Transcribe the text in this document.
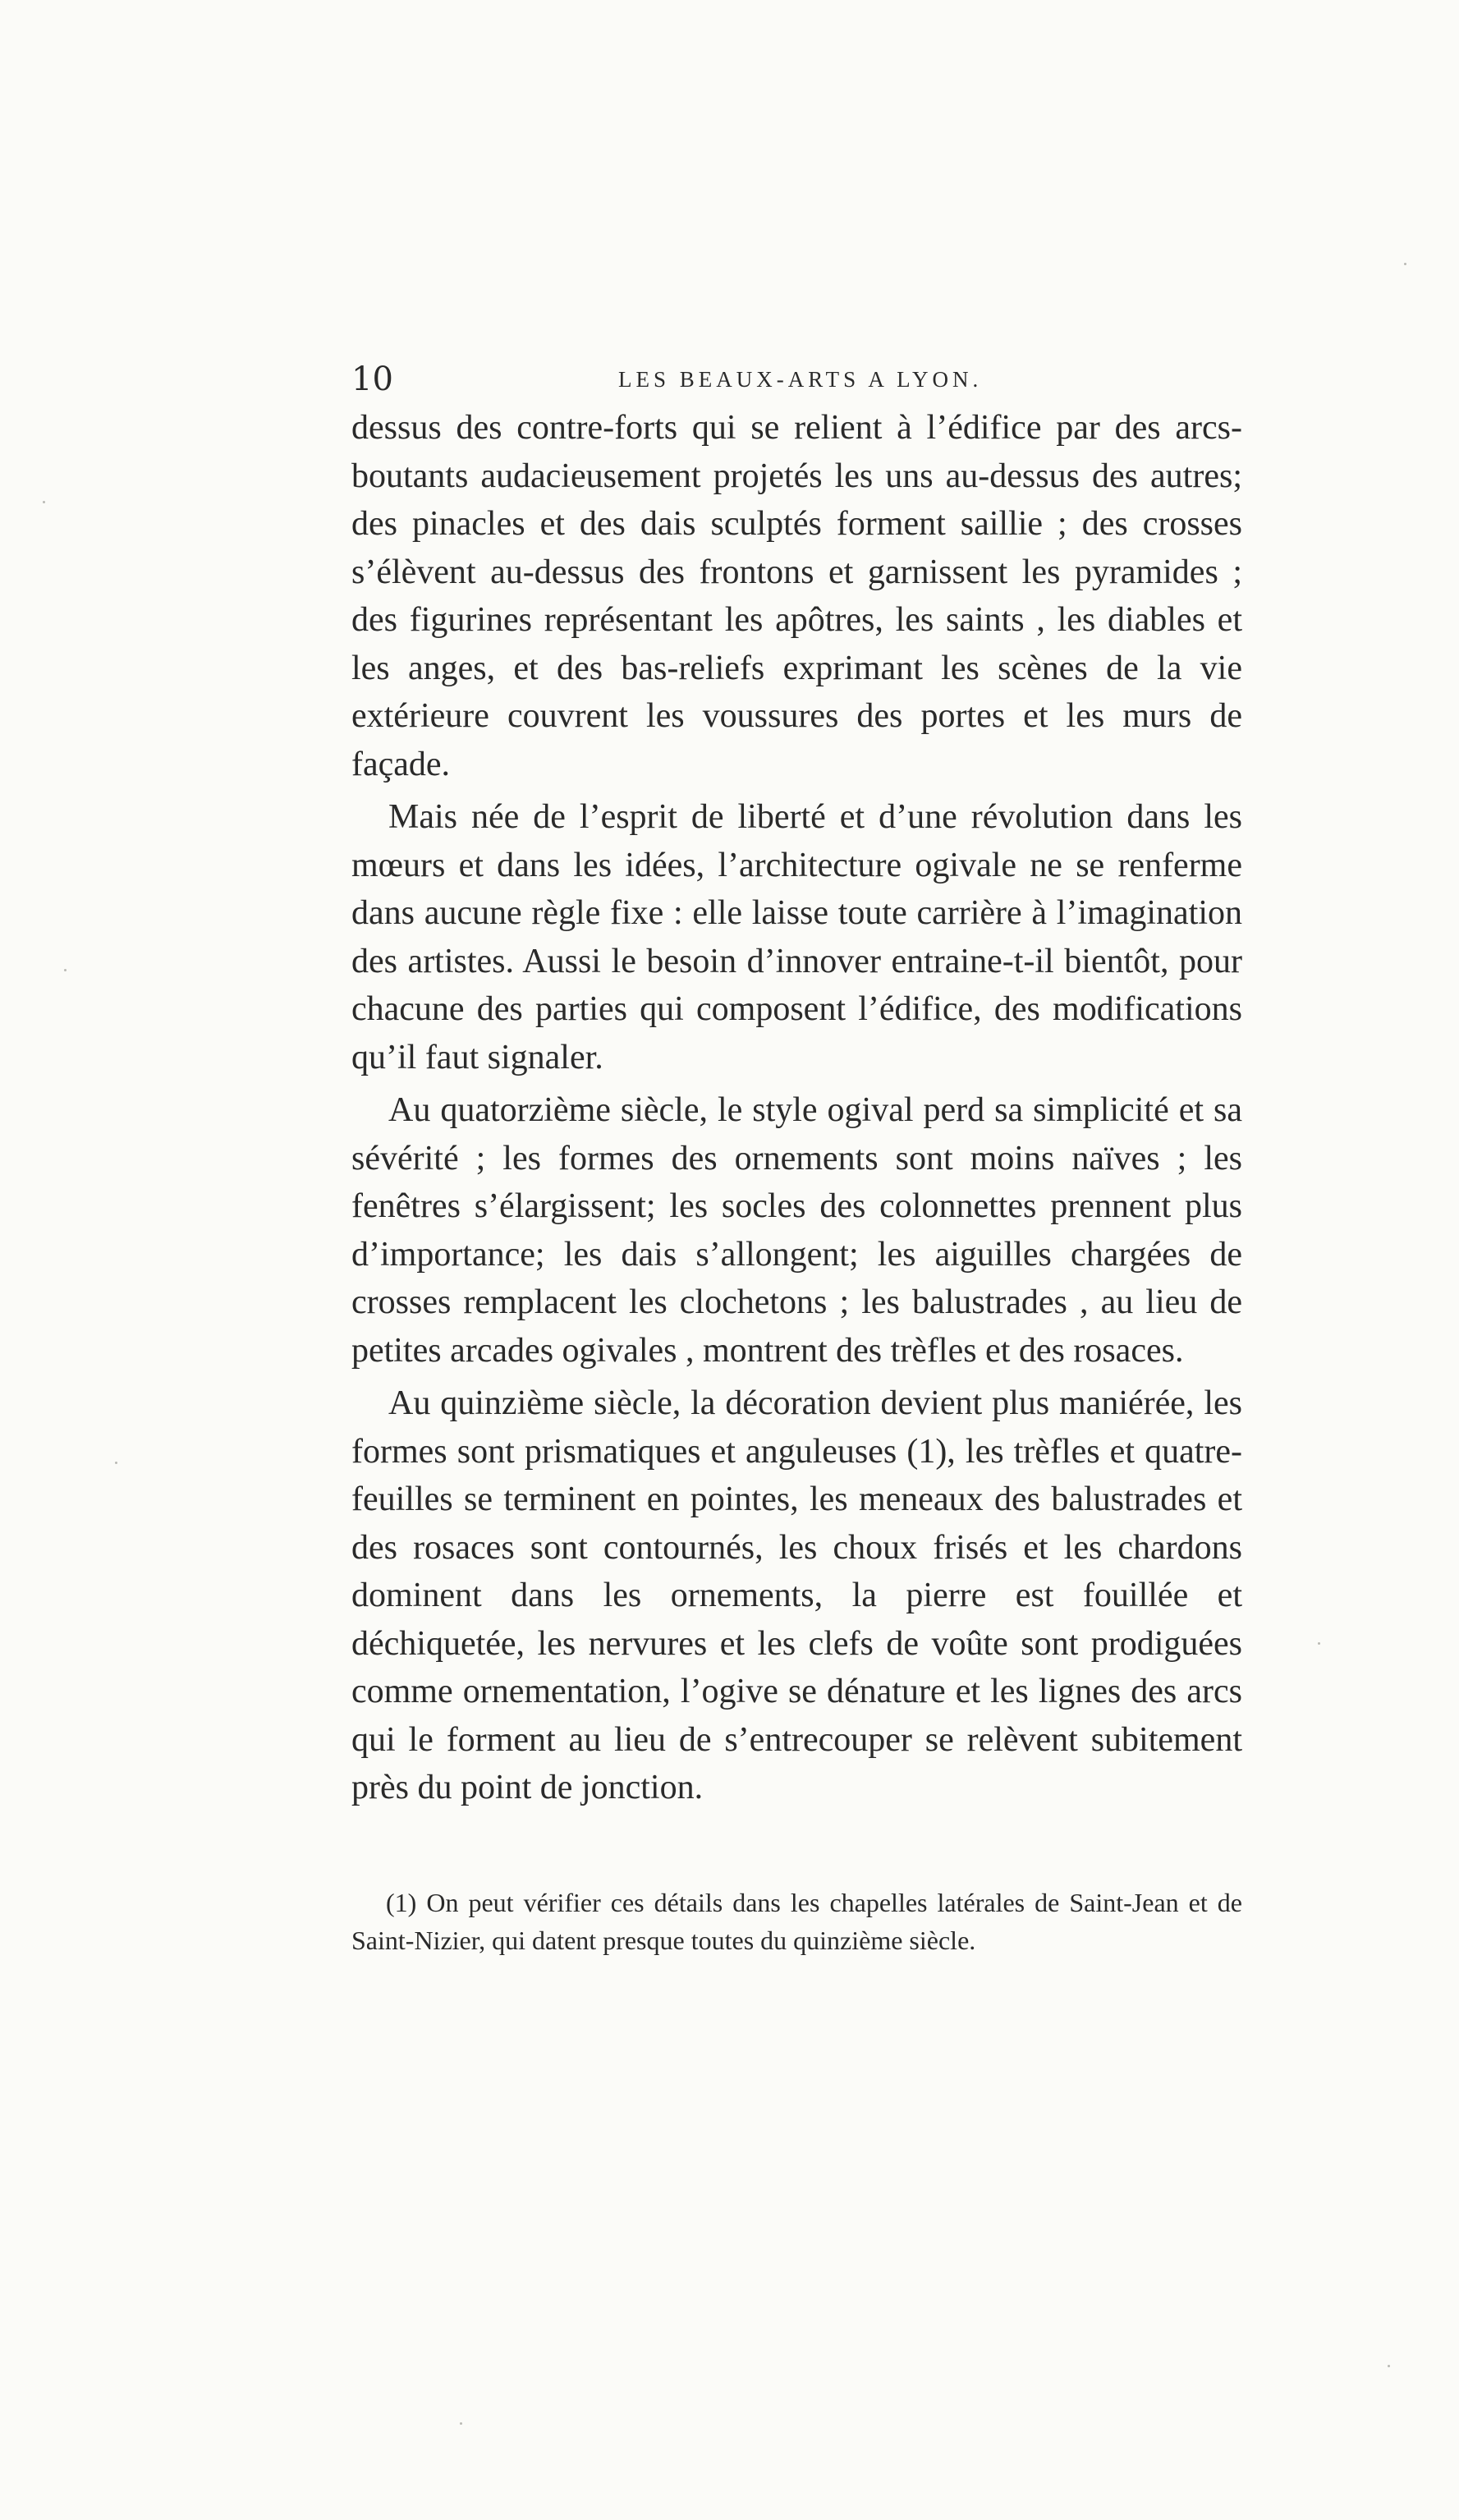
10	LES BEAUX-ARTS A LYON.

dessus des contre-forts qui se relient à l’édifice par des arcs-boutants audacieusement projetés les uns au-dessus des autres; des pinacles et des dais sculptés forment saillie ; des crosses s’élèvent au-dessus des frontons et garnissent les pyramides ; des figurines représentant les apôtres, les saints , les diables et les anges, et des bas-reliefs exprimant les scènes de la vie extérieure couvrent les voussures des portes et les murs de façade.

Mais née de l’esprit de liberté et d’une révolution dans les mœurs et dans les idées, l’architecture ogivale ne se renferme dans aucune règle fixe : elle laisse toute carrière à l’imagination des artistes. Aussi le besoin d’innover entraine-t-il bientôt, pour chacune des parties qui composent l’édifice, des modifications qu’il faut signaler.

Au quatorzième siècle, le style ogival perd sa simplicité et sa sévérité ; les formes des ornements sont moins naïves ; les fenêtres s’élargissent; les socles des colonnettes prennent plus d’importance; les dais s’allongent; les aiguilles chargées de crosses remplacent les clochetons ; les balustrades , au lieu de petites arcades ogivales , montrent des trèfles et des rosaces.

Au quinzième siècle, la décoration devient plus maniérée, les formes sont prismatiques et anguleuses (1), les trèfles et quatre-feuilles se terminent en pointes, les meneaux des balustrades et des rosaces sont contournés, les choux frisés et les chardons dominent dans les ornements, la pierre est fouillée et déchiquetée, les nervures et les clefs de voûte sont prodiguées comme ornementation, l’ogive se dénature et les lignes des arcs qui le forment au lieu de s’entrecouper se relèvent subitement près du point de jonction.

(1) On peut vérifier ces détails dans les chapelles latérales de Saint-Jean et de Saint-Nizier, qui datent presque toutes du quinzième siècle.
